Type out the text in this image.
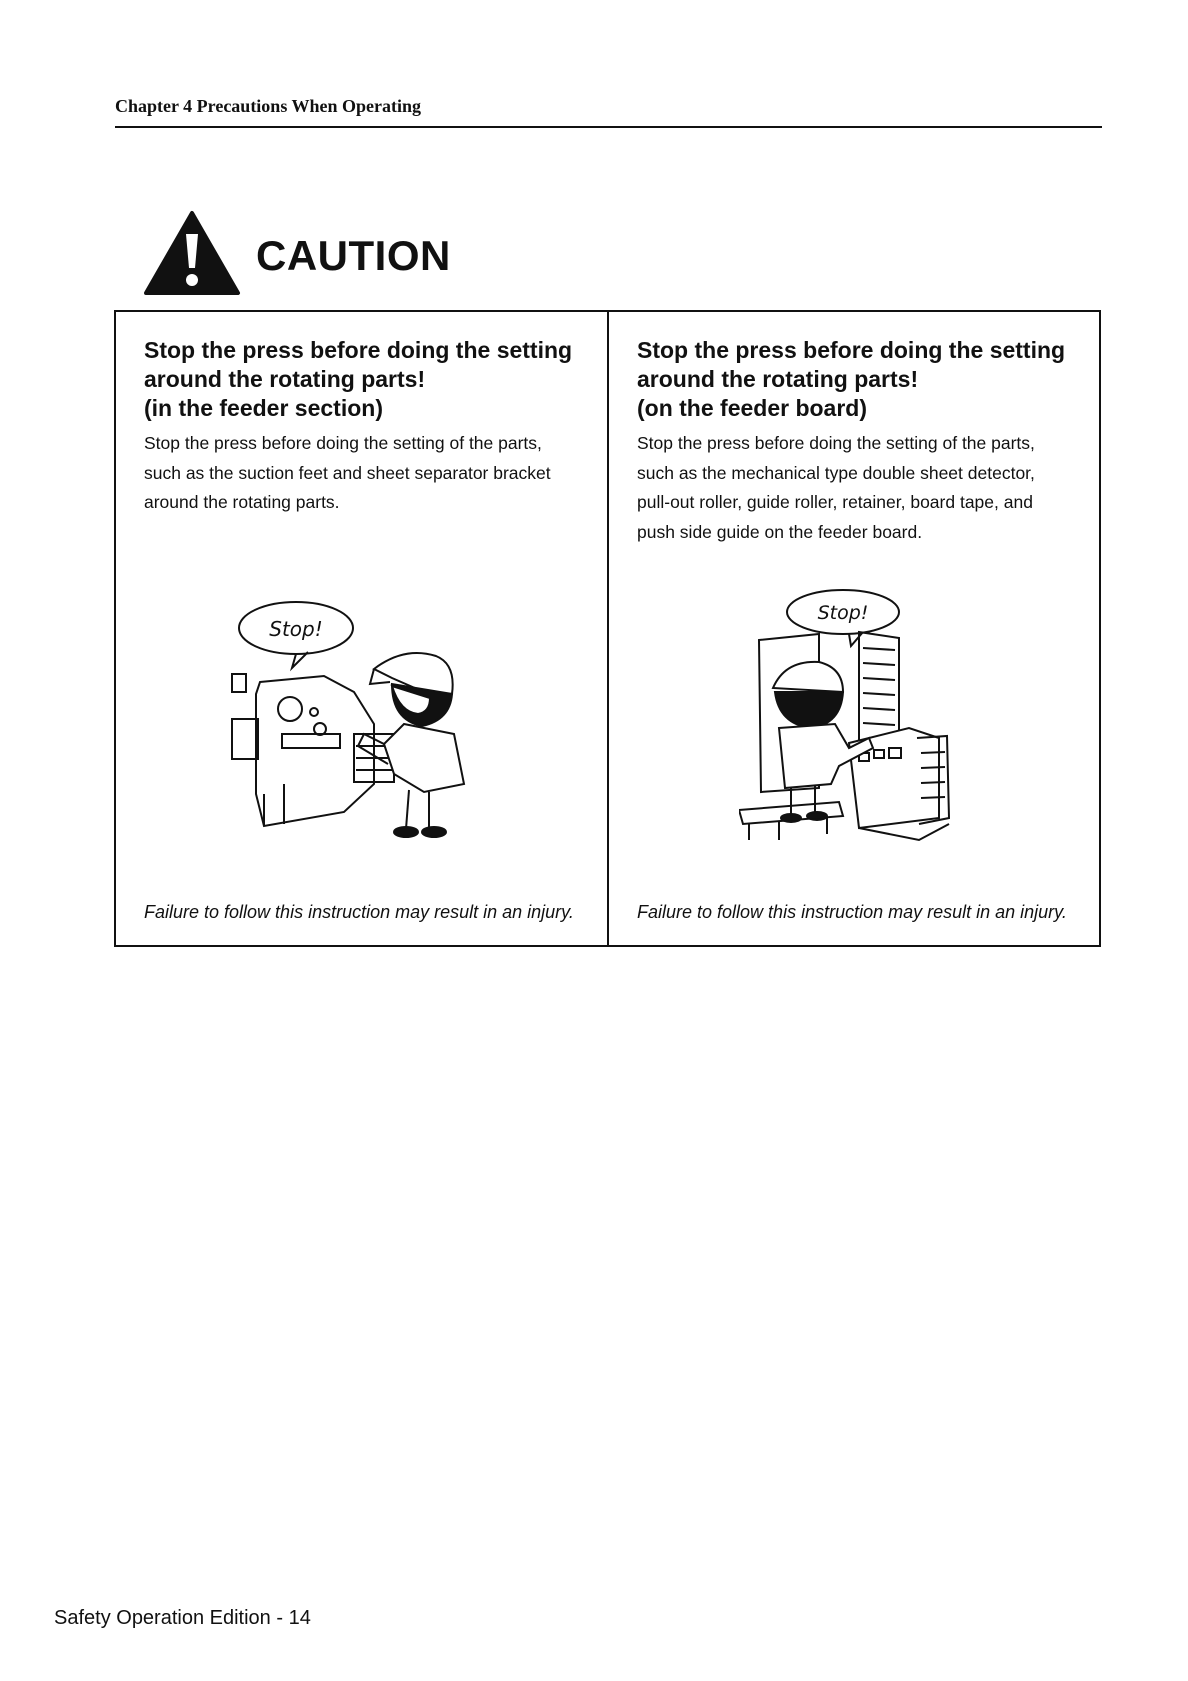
Chapter 4 Precautions When Operating
CAUTION
Stop the press before doing the setting
around the rotating parts!
(in the feeder section)
Stop the press before doing the setting of the parts,
such as the suction feet and sheet separator bracket
around the rotating parts.
Stop!
Failure to follow this instruction may result in an injury.
Stop the press before doing the setting
around the rotating parts!
(on the feeder board)
Stop the press before doing the setting of the parts,
such as the mechanical type double sheet detector,
pull-out roller, guide roller, retainer, board tape, and
push side guide on the feeder board.
Stop!
Failure to follow this instruction may result in an injury.
Safety Operation Edition - 14
